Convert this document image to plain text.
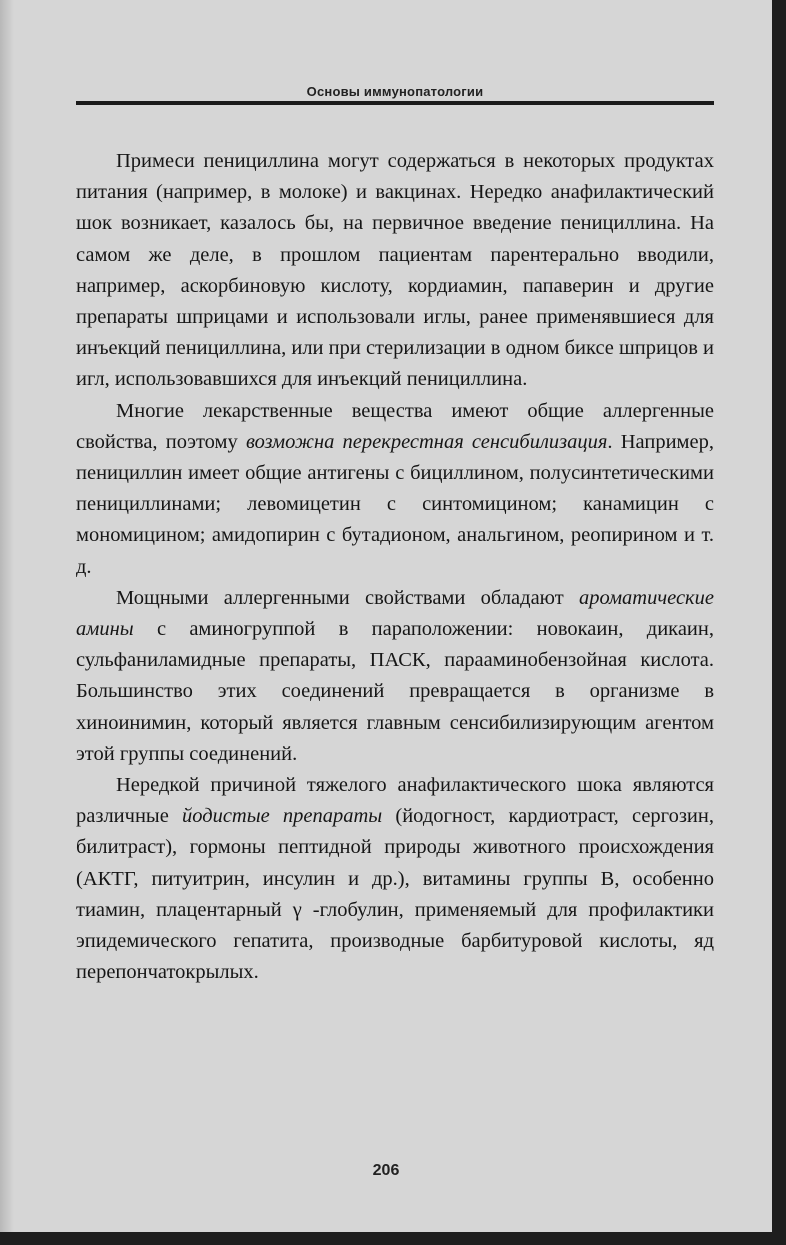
Основы иммунопатологии

Примеси пенициллина могут содержаться в некоторых продуктах питания (например, в молоке) и вакцинах. Нередко анафилактический шок возникает, казалось бы, на первичное введение пенициллина. На самом же деле, в прошлом пациентам парентерально вводили, например, аскорбиновую кислоту, кордиамин, папаверин и другие препараты шприцами и использовали иглы, ранее применявшиеся для инъекций пенициллина, или при стерилизации в одном биксе шприцов и игл, использовавшихся для инъекций пенициллина.

Многие лекарственные вещества имеют общие аллергенные свойства, поэтому возможна перекрестная сенсибилизация. Например, пенициллин имеет общие антигены с бициллином, полусинтетическими пенициллинами; левомицетин с синтомицином; канамицин с мономицином; амидопирин с бутадионом, анальгином, реопирином и т. д.

Мощными аллергенными свойствами обладают ароматические амины с аминогруппой в параположении: новокаин, дикаин, сульфаниламидные препараты, ПАСК, парааминобензойная кислота. Большинство этих соединений превращается в организме в хиноинимин, который является главным сенсибилизирующим агентом этой группы соединений.

Нередкой причиной тяжелого анафилактического шока являются различные йодистые препараты (йодогност, кардиотраст, сергозин, билитраст), гормоны пептидной природы животного происхождения (АКТГ, питуитрин, инсулин и др.), витамины группы В, особенно тиамин, плацентарный γ -глобулин, применяемый для профилактики эпидемического гепатита, производные барбитуровой кислоты, яд перепончатокрылых.

206
